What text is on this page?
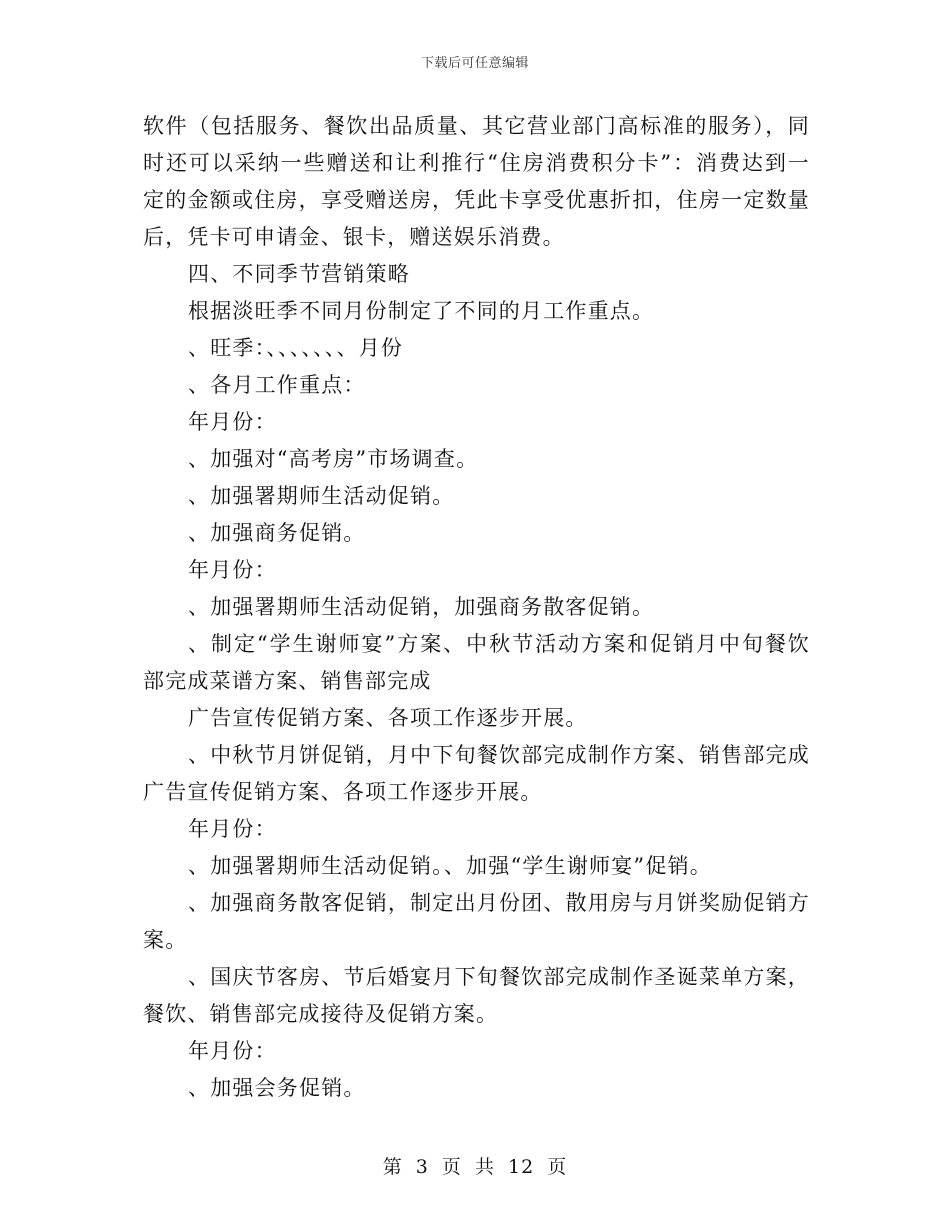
下载后可任意编辑

软件（包括服务、餐饮出品质量、其它营业部门高标准的服务），同时还可以采纳一些赠送和让利推行“住房消费积分卡”：消费达到一定的金额或住房，享受赠送房，凭此卡享受优惠折扣，住房一定数量后，凭卡可申请金、银卡，赠送娱乐消费。

四、不同季节营销策略

根据淡旺季不同月份制定了不同的月工作重点。

、旺季：、、、、、、、月份

、各月工作重点：

年月份：

、加强对“高考房”市场调查。

、加强署期师生活动促销。

、加强商务促销。

年月份：

、加强署期师生活动促销，加强商务散客促销。

、制定“学生谢师宴”方案、中秋节活动方案和促销月中旬餐饮部完成菜谱方案、销售部完成

广告宣传促销方案、各项工作逐步开展。

、中秋节月饼促销，月中下旬餐饮部完成制作方案、销售部完成广告宣传促销方案、各项工作逐步开展。

年月份：

、加强署期师生活动促销。、加强“学生谢师宴”促销。

、加强商务散客促销，制定出月份团、散用房与月饼奖励促销方案。

、国庆节客房、节后婚宴月下旬餐饮部完成制作圣诞菜单方案，餐饮、销售部完成接待及促销方案。

年月份：

、加强会务促销。

第 3 页 共 12 页
